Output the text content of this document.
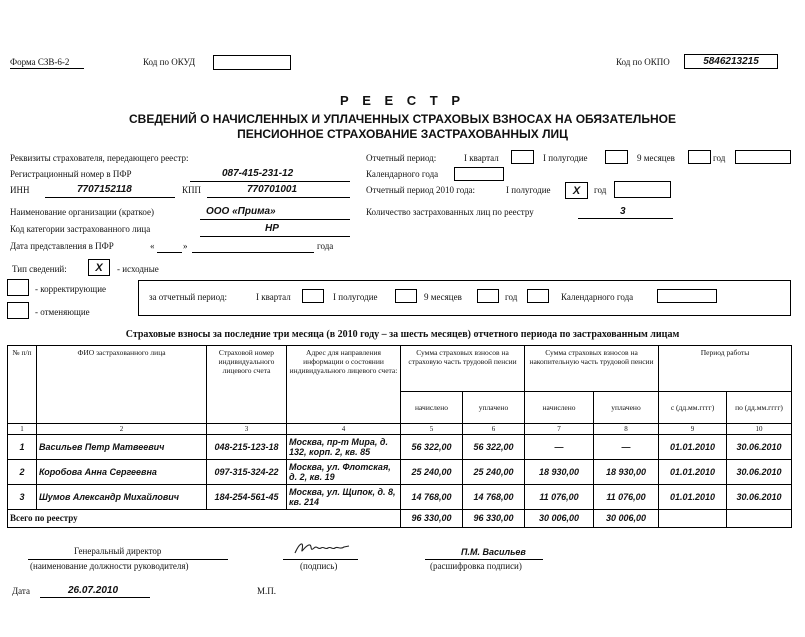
Форма СЗВ-6-2	Код по ОКУД	Код по ОКПО	5846213215
Р Е Е С Т Р
СВЕДЕНИЙ О НАЧИСЛЕННЫХ И УПЛАЧЕННЫХ СТРАХОВЫХ ВЗНОСАХ НА ОБЯЗАТЕЛЬНОЕ
ПЕНСИОННОЕ СТРАХОВАНИЕ ЗАСТРАХОВАННЫХ ЛИЦ
Реквизиты страхователя, передающего реестр:
Регистрационный номер в ПФР	087-415-231-12
ИНН	7707152118	КПП	770701001
Наименование организации (краткое)	ООО «Прима»
Код категории застрахованного лица	НР
Дата представления в ПФР	«	»	года
Отчетный период:	I квартал	I полугодие	9 месяцев	год
Календарного года
Отчетный период 2010 года:	I полугодие	X	год
Количество застрахованных лиц по реестру	3
Тип сведений:	X	- исходные
- корректирующие
- отменяющие
за отчетный период:	I квартал	I полугодие	9 месяцев	год	Календарного года
Страховые взносы за последние три месяца (в 2010 году – за шесть месяцев) отчетного периода по застрахованным лицам
№ п/п	ФИО застрахованного лица	Страховой номер индивидуального лицевого счета	Адрес для направления информации о состоянии индивидуального лицевого счета:	Сумма страховых взносов на страховую часть трудовой пенсии		Сумма страховых взносов на накопительную часть трудовой пенсии		Период работы	
				начислено	уплачено	начислено	уплачено	с (дд.мм.гггг)	по (дд.мм.гггг)
1	2	3	4	5	6	7	8	9	10
1	Васильев Петр Матвеевич	048-215-123-18	Москва, пр-т Мира, д. 132, корп. 2, кв. 85	56 322,00	56 322,00	—	—	01.01.2010	30.06.2010
2	Коробова Анна Сергеевна	097-315-324-22	Москва, ул. Флотская, д. 2, кв. 19	25 240,00	25 240,00	18 930,00	18 930,00	01.01.2010	30.06.2010
3	Шумов Александр Михайлович	184-254-561-45	Москва, ул. Щипок, д. 8, кв. 214	14 768,00	14 768,00	11 076,00	11 076,00	01.01.2010	30.06.2010
Всего по реестру				96 330,00	96 330,00	30 006,00	30 006,00		
Генеральный директор
(наименование должности руководителя)	(подпись)
П.М. Васильев
(расшифровка подписи)
Дата	26.07.2010	М.П.
